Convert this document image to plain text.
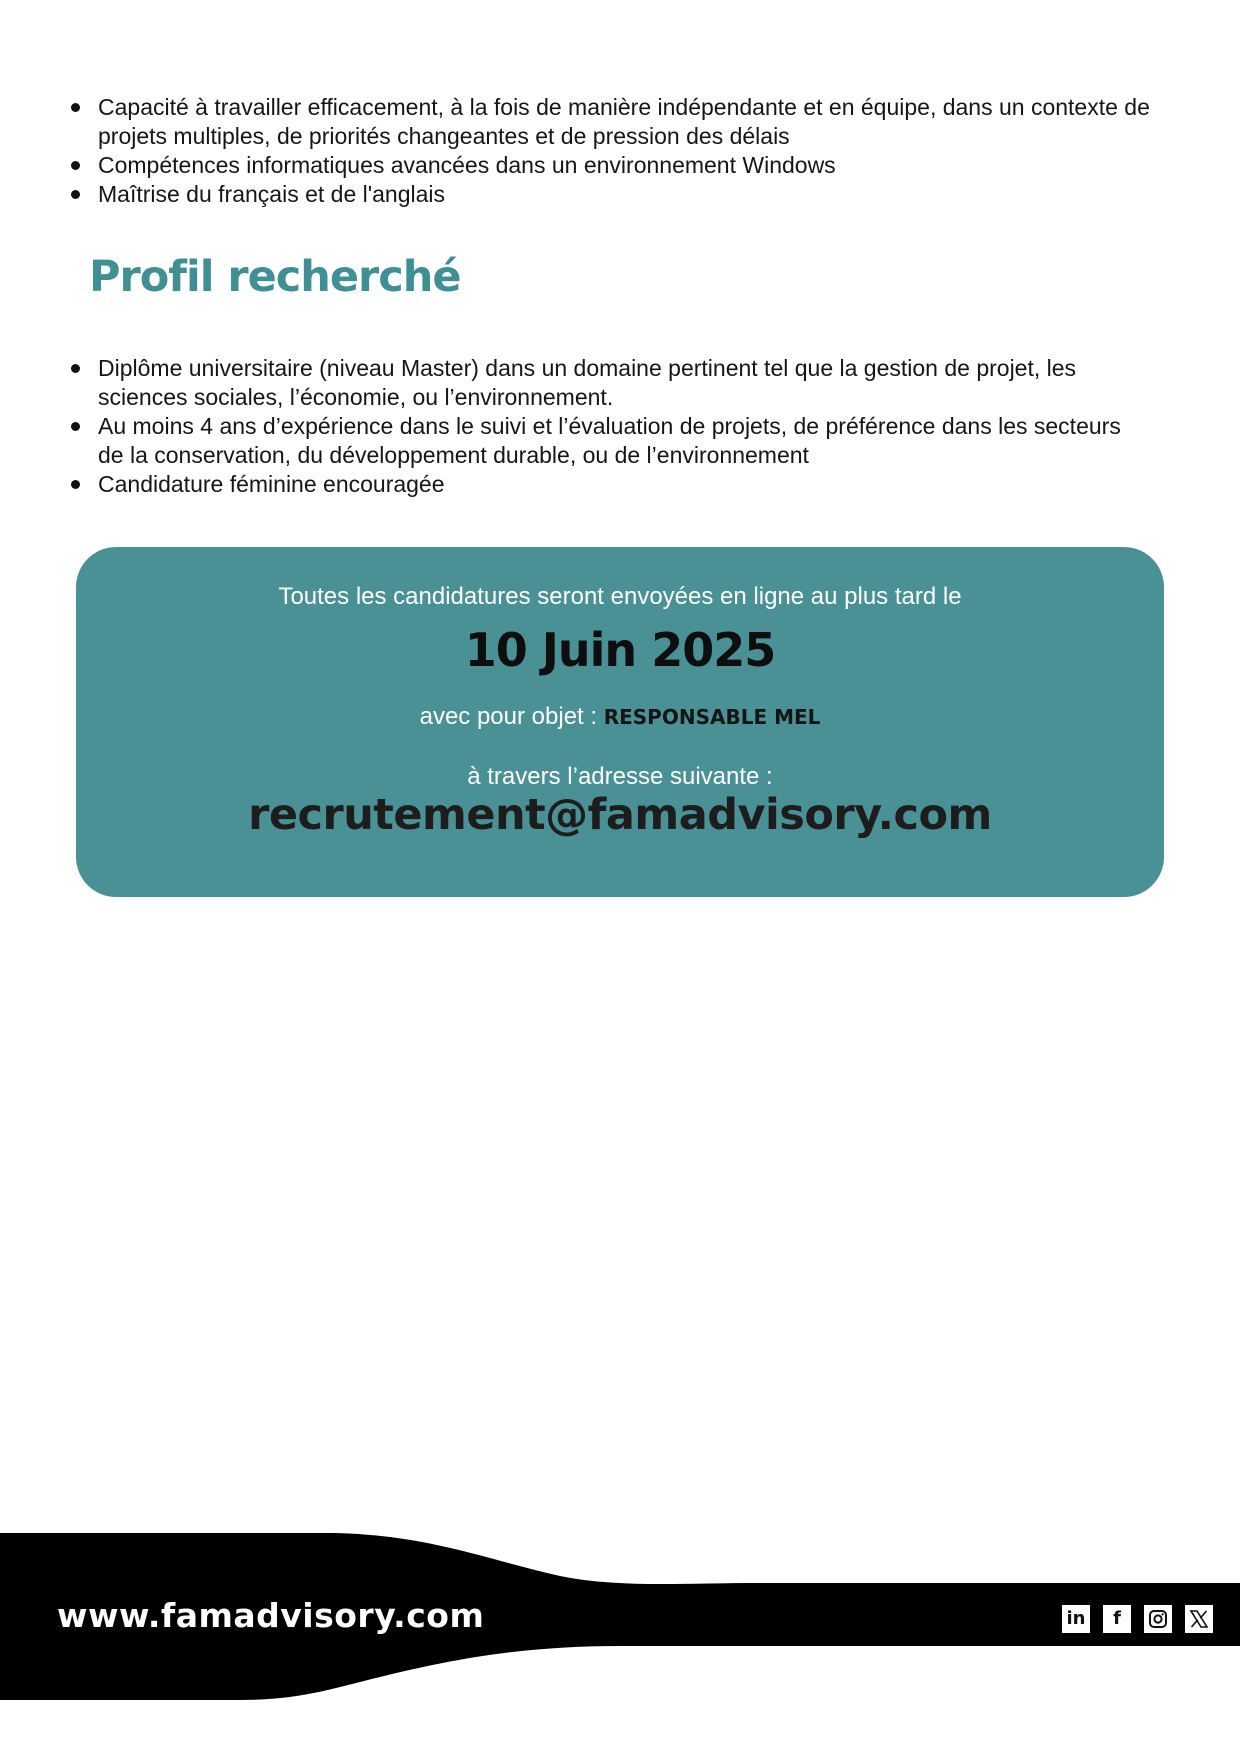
Capacité à travailler efficacement, à la fois de manière indépendante et en équipe, dans un contexte de projets multiples, de priorités changeantes et de pression des délais
Compétences informatiques avancées dans un environnement Windows
Maîtrise du français et de l'anglais
Profil recherché
Diplôme universitaire (niveau Master) dans un domaine pertinent tel que la gestion de projet, les sciences sociales, l’économie, ou l’environnement.
Au moins 4 ans d’expérience dans le suivi et l’évaluation de projets, de préférence dans les secteurs de la conservation, du développement durable, ou de l’environnement
Candidature féminine encouragée

Toutes les candidatures seront envoyées en ligne au plus tard le

10 Juin 2025

avec pour objet : RESPONSABLE MEL

à travers l’adresse suivante :

recrutement@famadvisory.com

www.famadvisory.com	in f
